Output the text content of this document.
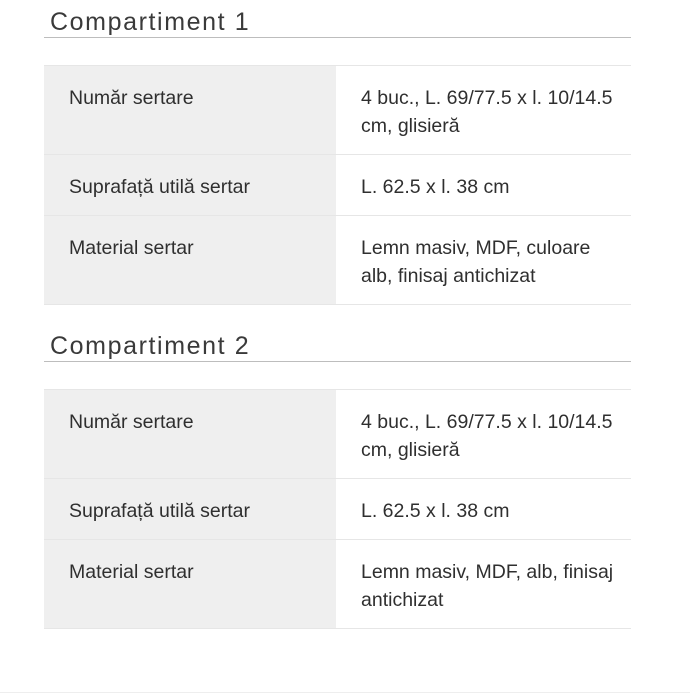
Compartiment 1
Număr sertare	4 buc., L. 69/77.5 x l. 10/14.5 cm, glisieră
Suprafață utilă sertar	L. 62.5 x l. 38 cm
Material sertar	Lemn masiv, MDF, culoare alb, finisaj antichizat
Compartiment 2
Număr sertare	4 buc., L. 69/77.5 x l. 10/14.5 cm, glisieră
Suprafață utilă sertar	L. 62.5 x l. 38 cm
Material sertar	Lemn masiv, MDF, alb, finisaj antichizat
